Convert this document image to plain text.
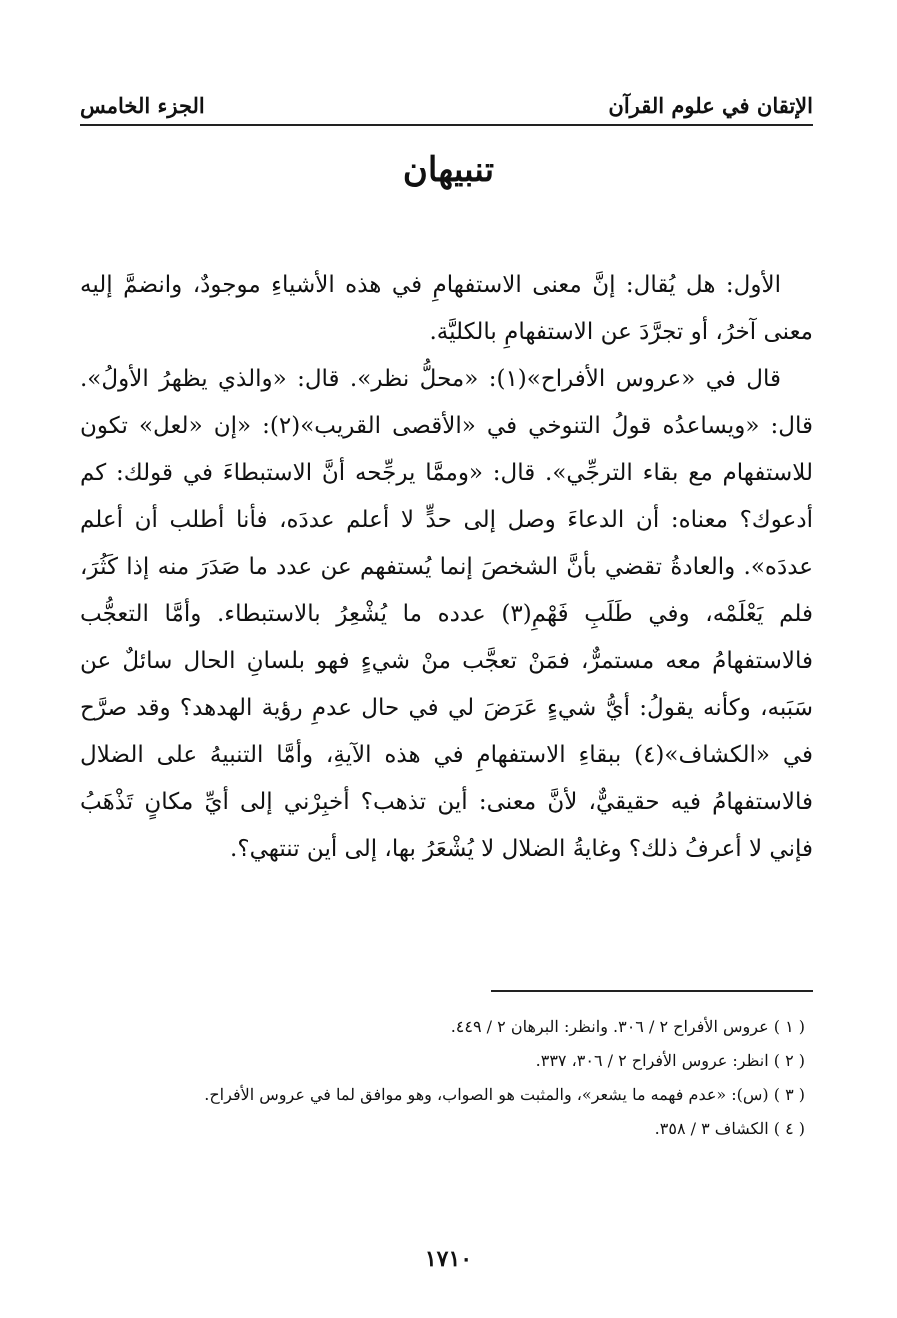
الإتقان في علوم القرآن
الجزء الخامس
تنبيهان

الأول: هل يُقال: إنَّ معنى الاستفهامِ في هذه الأشياءِ موجودٌ، وانضمَّ إليه معنى آخرُ، أو تجرَّدَ عن الاستفهامِ بالكليَّة.

قال في «عروس الأفراح»(١): «محلُّ نظر». قال: «والذي يظهرُ الأولُ». قال: «ويساعدُه قولُ التنوخي في «الأقصى القريب»(٢): «إن «لعل» تكون للاستفهام مع بقاء الترجِّي». قال: «وممَّا يرجِّحه أنَّ الاستبطاءَ في قولك: كم أدعوك؟ معناه: أن الدعاءَ وصل إلى حدٍّ لا أعلم عددَه، فأنا أطلب أن أعلم عددَه». والعادةُ تقضي بأنَّ الشخصَ إنما يُستفهم عن عدد ما صَدَرَ منه إذا كَثُرَ، فلم يَعْلَمْه، وفي طَلَبِ فَهْمِ(٣) عدده ما يُشْعِرُ بالاستبطاء. وأمَّا التعجُّب فالاستفهامُ معه مستمرٌّ، فمَنْ تعجَّب منْ شيءٍ فهو بلسانِ الحال سائلٌ عن سَبَبه، وكأنه يقولُ: أيُّ شيءٍ عَرَضَ لي في حال عدمِ رؤية الهدهد؟ وقد صرَّح في «الكشاف»(٤) ببقاءِ الاستفهامِ في هذه الآيةِ، وأمَّا التنبيهُ على الضلال فالاستفهامُ فيه حقيقيٌّ، لأنَّ معنى: أين تذهب؟ أخبِرْني إلى أيِّ مكانٍ تَذْهَبُ فإني لا أعرفُ ذلك؟ وغايةُ الضلال لا يُشْعَرُ بها، إلى أين تنتهي؟.

( ١ ) عروس الأفراح ٢ / ٣٠٦. وانظر: البرهان ٢ / ٤٤٩.
( ٢ ) انظر: عروس الأفراح ٢ / ٣٠٦، ٣٣٧.
( ٣ ) (س): «عدم فهمه ما يشعر»، والمثبت هو الصواب، وهو موافق لما في عروس الأفراح.
( ٤ ) الكشاف ٣ / ٣٥٨.
١٧١٠
